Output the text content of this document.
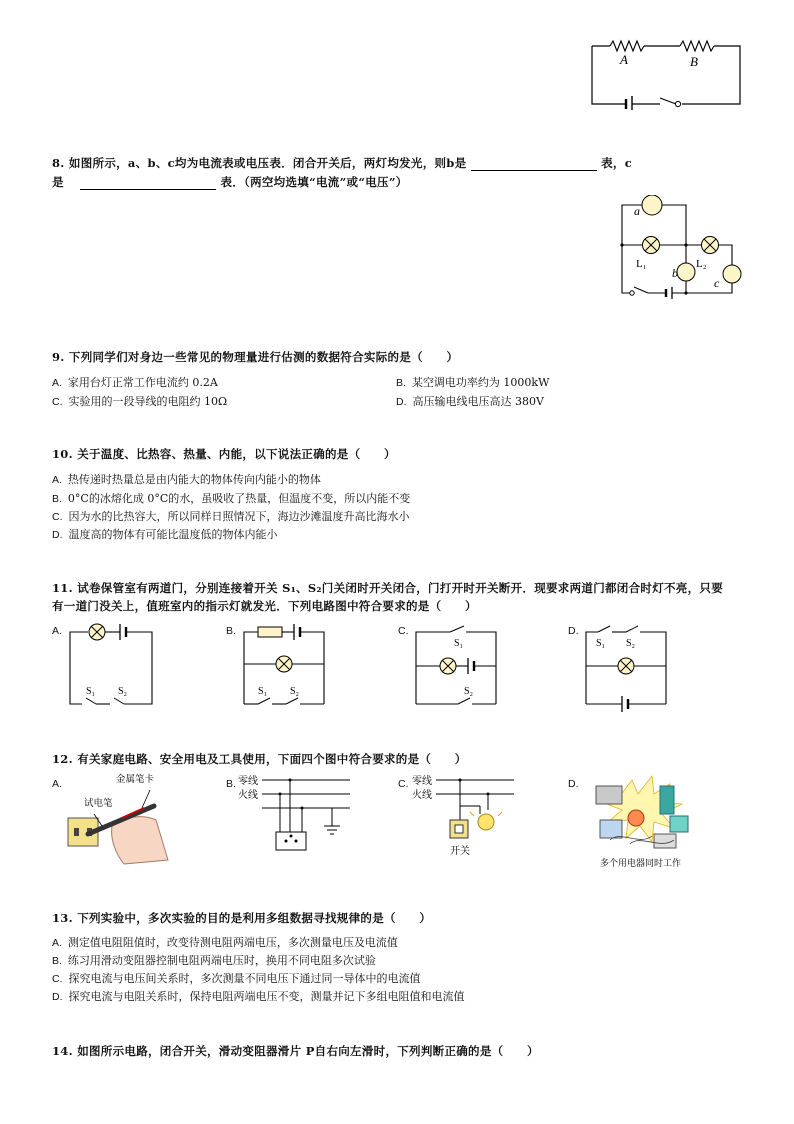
A	B
8. 如图所示，a、b、c均为电流表或电压表．闭合开关后，两灯均发光，则b是	表，c
是	表．（两空均选填“电流”或“电压”）
a
L₁
b
L₂
c
9. 下列同学们对身边一些常见的物理量进行估测的数据符合实际的是（　　）
A. 家用台灯正常工作电流约 0.2A	B. 某空调电功率约为 1000kW
C. 实验用的一段导线的电阻约 10Ω	D. 高压输电线电压高达 380V
10. 关于温度、比热容、热量、内能，以下说法正确的是（　　）
A. 热传递时热量总是由内能大的物体传向内能小的物体
B. 0°C的冰熔化成 0°C的水，虽吸收了热量，但温度不变，所以内能不变
C. 因为水的比热容大，所以同样日照情况下，海边沙滩温度升高比海水小
D. 温度高的物体有可能比温度低的物体内能小
11. 试卷保管室有两道门，分别连接着开关 S₁、S₂门关闭时开关闭合，门打开时开关断开．现要求两道门都闭合时灯不亮，只要
有一道门没关上，值班室内的指示灯就发光．下列电路图中符合要求的是（　　）
A.
S₁ S₂
B.
S₁ S₂
C.
S₁
S₂
D.
S₁ S₂
12. 有关家庭电路、安全用电及工具使用，下面四个图中符合要求的是（　　）
A.	金属笔卡
试电笔
B. 零线
火线
C. 零线
火线
开关
D.
多个用电器同时工作
13. 下列实验中，多次实验的目的是利用多组数据寻找规律的是（　　）
A. 测定值电阻阻值时，改变待测电阻两端电压，多次测量电压及电流值
B. 练习用滑动变阻器控制电阻两端电压时，换用不同电阻多次试验
C. 探究电流与电压间关系时，多次测量不同电压下通过同一导体中的电流值
D. 探究电流与电阻关系时，保持电阻两端电压不变，测量并记下多组电阻值和电流值
14. 如图所示电路，闭合开关，滑动变阻器滑片 P自右向左滑时，下列判断正确的是（　　）
